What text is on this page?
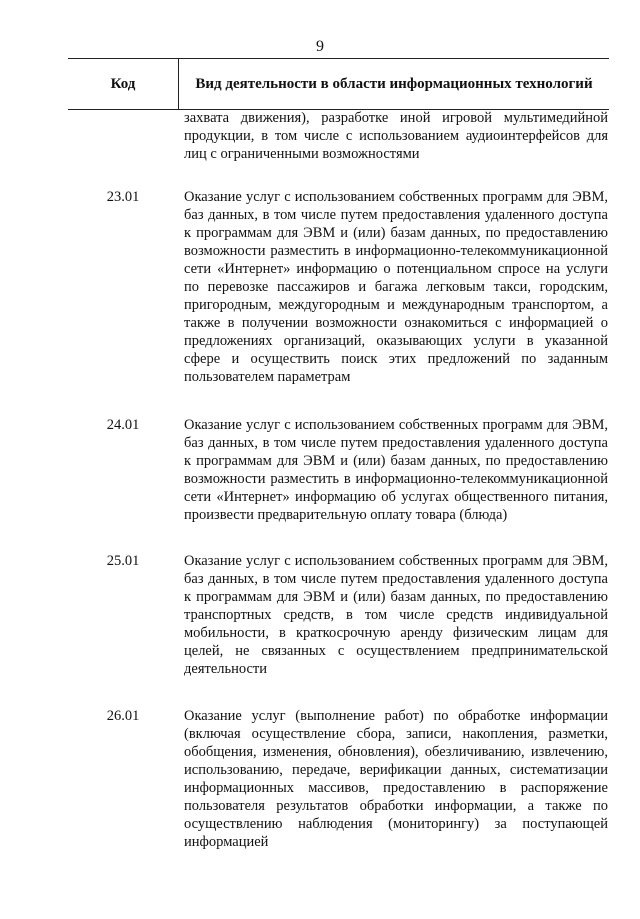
9
Код	Вид деятельности в области информационных технологий
захвата движения), разработке иной игровой мультимедийной продукции, в том числе с использованием аудиоинтерфейсов для лиц с ограниченными возможностями
23.01	Оказание услуг с использованием собственных программ для ЭВМ, баз данных, в том числе путем предоставления удаленного доступа к программам для ЭВМ и (или) базам данных, по предоставлению возможности разместить в информационно-телекоммуникационной сети «Интернет» информацию о потенциальном спросе на услуги по перевозке пассажиров и багажа легковым такси, городским, пригородным, междугородным и международным транспортом, а также в получении возможности ознакомиться с информацией о предложениях организаций, оказывающих услуги в указанной сфере и осуществить поиск этих предложений по заданным пользователем параметрам
24.01	Оказание услуг с использованием собственных программ для ЭВМ, баз данных, в том числе путем предоставления удаленного доступа к программам для ЭВМ и (или) базам данных, по предоставлению возможности разместить в информационно-телекоммуникационной сети «Интернет» информацию об услугах общественного питания, произвести предварительную оплату товара (блюда)
25.01	Оказание услуг с использованием собственных программ для ЭВМ, баз данных, в том числе путем предоставления удаленного доступа к программам для ЭВМ и (или) базам данных, по предоставлению транспортных средств, в том числе средств индивидуальной мобильности, в краткосрочную аренду физическим лицам для целей, не связанных с осуществлением предпринимательской деятельности
26.01	Оказание услуг (выполнение работ) по обработке информации (включая осуществление сбора, записи, накопления, разметки, обобщения, изменения, обновления), обезличиванию, извлечению, использованию, передаче, верификации данных, систематизации информационных массивов, предоставлению в распоряжение пользователя результатов обработки информации, а также по осуществлению наблюдения (мониторингу) за поступающей информацией
